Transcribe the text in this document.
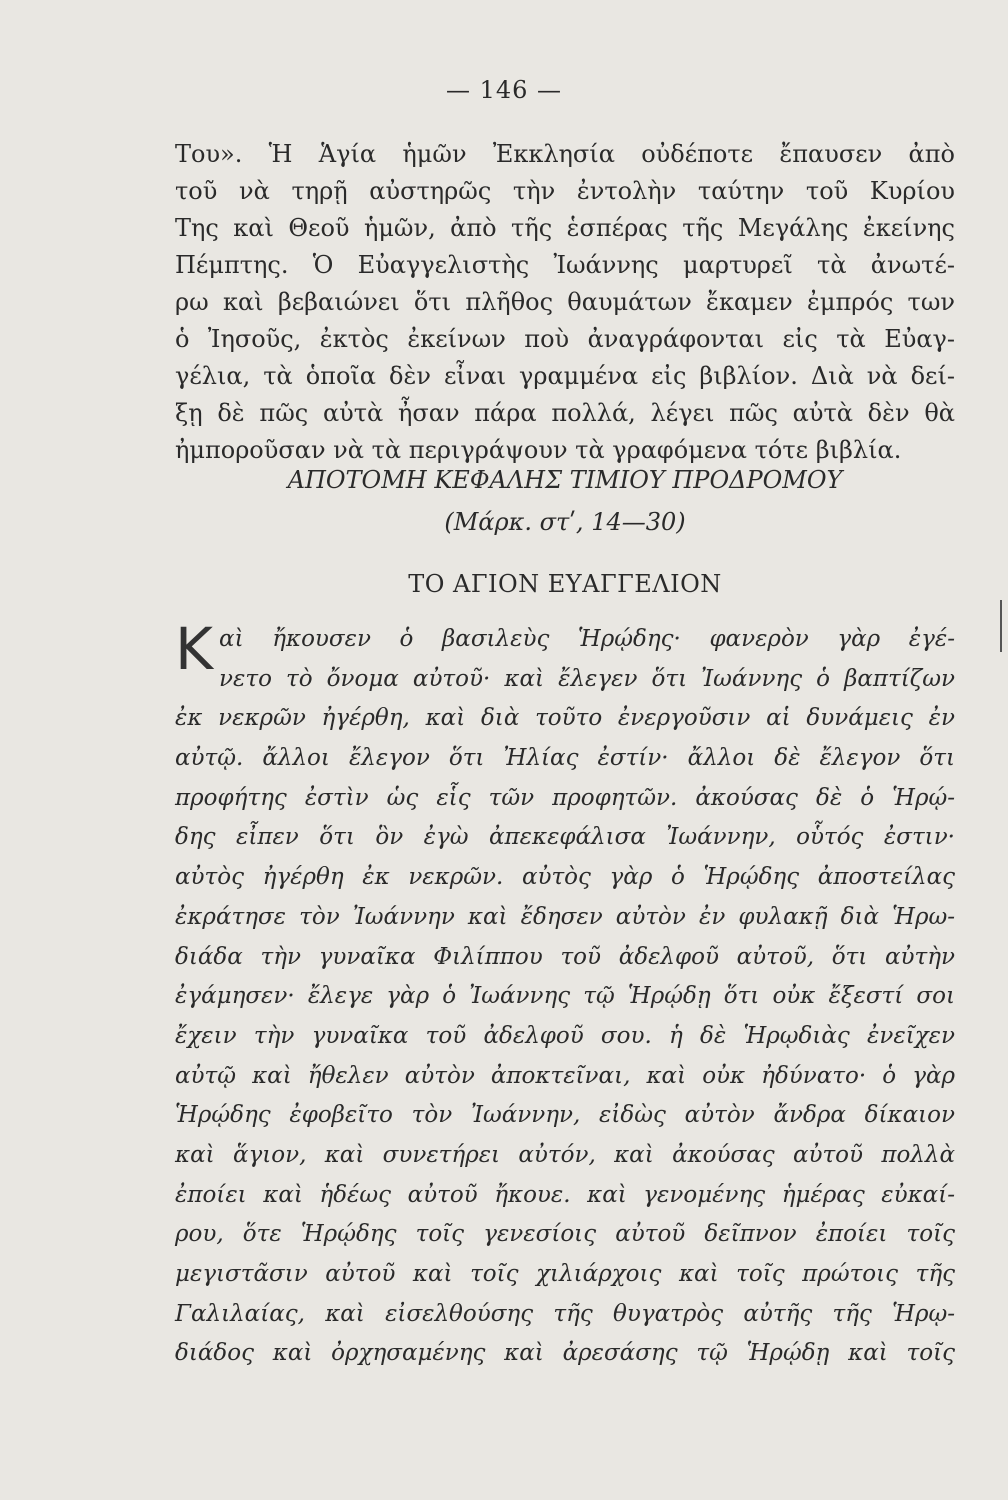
— 146 —
Του». Ἡ Ἁγία ἡμῶν Ἐκκλησία οὐδέποτε ἔπαυσεν ἀπὸ
τοῦ νὰ τηρῇ αὐστηρῶς τὴν ἐντολὴν ταύτην τοῦ Κυρίου
Της καὶ Θεοῦ ἡμῶν, ἀπὸ τῆς ἑσπέρας τῆς Μεγάλης ἐκείνης
Πέμπτης. Ὁ Εὐαγγελιστὴς Ἰωάννης μαρτυρεῖ τὰ ἀνωτέ-
ρω καὶ βεβαιώνει ὅτι πλῆθος θαυμάτων ἔκαμεν ἐμπρός των
ὁ Ἰησοῦς, ἐκτὸς ἐκείνων ποὺ ἀναγράφονται εἰς τὰ Εὐαγ-
γέλια, τὰ ὁποῖα δὲν εἶναι γραμμένα εἰς βιβλίον. Διὰ νὰ δεί-
ξῃ δὲ πῶς αὐτὰ ἦσαν πάρα πολλά, λέγει πῶς αὐτὰ δὲν θὰ
ἠμποροῦσαν νὰ τὰ περιγράψουν τὰ γραφόμενα τότε βιβλία.
ΑΠΟΤΟΜΗ ΚΕΦΑΛΗΣ ΤΙΜΙΟΥ ΠΡΟΔΡΟΜΟΥ
(Μάρκ. στʹ, 14—30)
ΤΟ ΑΓΙΟΝ ΕΥΑΓΓΕΛΙΟΝ
Κ αὶ ἤκουσεν ὁ βασιλεὺς Ἡρῴδης· φανερὸν γὰρ ἐγέ-
νετο τὸ ὄνομα αὐτοῦ· καὶ ἔλεγεν ὅτι Ἰωάννης ὁ βαπτίζων
ἐκ νεκρῶν ἠγέρθη, καὶ διὰ τοῦτο ἐνεργοῦσιν αἱ δυνάμεις ἐν
αὐτῷ. ἄλλοι ἔλεγον ὅτι Ἠλίας ἐστίν· ἄλλοι δὲ ἔλεγον ὅτι
προφήτης ἐστὶν ὡς εἷς τῶν προφητῶν. ἀκούσας δὲ ὁ Ἡρῴ-
δης εἶπεν ὅτι ὃν ἐγὼ ἀπεκεφάλισα Ἰωάννην, οὗτός ἐστιν·
αὐτὸς ἠγέρθη ἐκ νεκρῶν. αὐτὸς γὰρ ὁ Ἡρῴδης ἀποστείλας
ἐκράτησε τὸν Ἰωάννην καὶ ἔδησεν αὐτὸν ἐν φυλακῇ διὰ Ἡρω-
διάδα τὴν γυναῖκα Φιλίππου τοῦ ἀδελφοῦ αὐτοῦ, ὅτι αὐτὴν
ἐγάμησεν· ἔλεγε γὰρ ὁ Ἰωάννης τῷ Ἡρῴδῃ ὅτι οὐκ ἔξεστί σοι
ἔχειν τὴν γυναῖκα τοῦ ἀδελφοῦ σου. ἡ δὲ Ἡρῳδιὰς ἐνεῖχεν
αὐτῷ καὶ ἤθελεν αὐτὸν ἀποκτεῖναι, καὶ οὐκ ἠδύνατο· ὁ γὰρ
Ἡρῴδης ἐφοβεῖτο τὸν Ἰωάννην, εἰδὼς αὐτὸν ἄνδρα δίκαιον
καὶ ἅγιον, καὶ συνετήρει αὐτόν, καὶ ἀκούσας αὐτοῦ πολλὰ
ἐποίει καὶ ἡδέως αὐτοῦ ἤκουε. καὶ γενομένης ἡμέρας εὐκαί-
ρου, ὅτε Ἡρῴδης τοῖς γενεσίοις αὐτοῦ δεῖπνον ἐποίει τοῖς
μεγιστᾶσιν αὐτοῦ καὶ τοῖς χιλιάρχοις καὶ τοῖς πρώτοις τῆς
Γαλιλαίας, καὶ εἰσελθούσης τῆς θυγατρὸς αὐτῆς τῆς Ἡρῳ-
διάδος καὶ ὀρχησαμένης καὶ ἀρεσάσης τῷ Ἡρῴδῃ καὶ τοῖς
